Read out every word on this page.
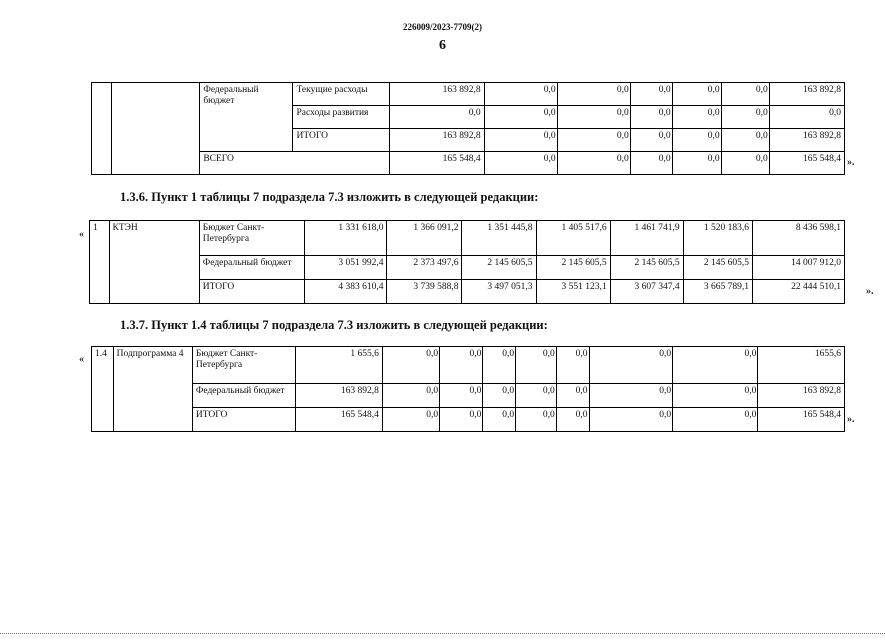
226009/2023-7709(2)
6
		Федеральный бюджет	Текущие расходы	163 892,8	0,0	0,0	0,0	0,0	0,0	163 892,8
			Расходы развития	0,0	0,0	0,0	0,0	0,0	0,0	0,0
			ИТОГО	163 892,8	0,0	0,0	0,0	0,0	0,0	163 892,8
		ВСЕГО		165 548,4	0,0	0,0	0,0	0,0	0,0	165 548,4 ».
1.3.6. Пункт 1 таблицы 7 подраздела 7.3 изложить в следующей редакции:
«
1	КТЭН	Бюджет Санкт-Петербурга	1 331 618,0	1 366 091,2	1 351 445,8	1 405 517,6	1 461 741,9	1 520 183,6	8 436 598,1
		Федеральный бюджет	3 051 992,4	2 373 497,6	2 145 605,5	2 145 605,5	2 145 605,5	2 145 605,5	14 007 912,0
		ИТОГО	4 383 610,4	3 739 588,8	3 497 051,3	3 551 123,1	3 607 347,4	3 665 789,1	22 444 510,1	».
1.3.7. Пункт 1.4 таблицы 7 подраздела 7.3 изложить в следующей редакции:
« 1.4	Подпрограмма 4	Бюджет Санкт-Петербурга	1 655,6	0,0	0,0	0,0	0,0	0,0	0,0	0,0	1655,6
		Федеральный бюджет	163 892,8	0,0	0,0	0,0	0,0	0,0	0,0	0,0	163 892,8
		ИТОГО	165 548,4	0,0	0,0	0,0	0,0	0,0	0,0	0,0	165 548,4 ».
